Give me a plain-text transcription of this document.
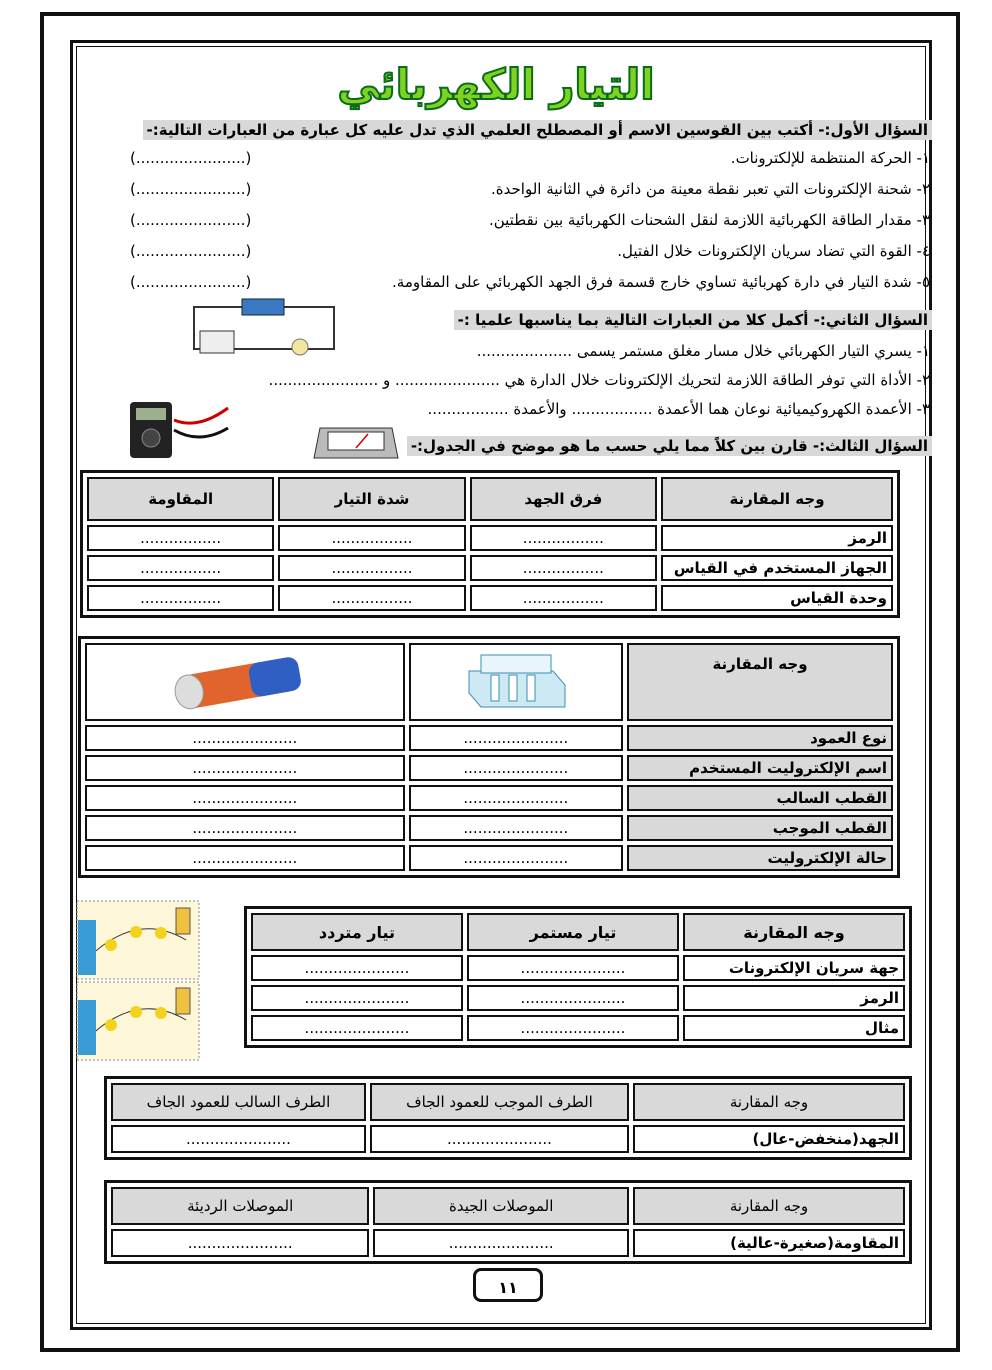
التيار الكهربائي
السؤال الأول:- أكتب بين القوسين الاسم أو المصطلح العلمي الذي تدل عليه كل عبارة من العبارات التالية:-
١- الحركة المنتظمة للإلكترونات.
٢- شحنة الإلكترونات التي تعبر نقطة معينة من دائرة في الثانية الواحدة.
٣- مقدار الطاقة الكهربائية اللازمة لنقل الشحنات الكهربائية بين نقطتين.
٤- القوة التي تضاد سريان الإلكترونات خلال الفتيل.
٥- شدة التيار في دارة كهربائية تساوي خارج قسمة فرق الجهد الكهربائي على المقاومة.
(.......................)
(.......................)
(.......................)
(.......................)
(.......................)
السؤال الثاني:- أكمل كلا من العبارات التالية بما يناسبها علميا :-
١- يسري التيار الكهربائي خلال مسار مغلق مستمر يسمى ....................
٢- الأداة التي توفر الطاقة اللازمة لتحريك الإلكترونات خلال الدارة هي ...................... و .......................
٣- الأعمدة الكهروكيميائية نوعان هما الأعمدة ................. والأعمدة .................
السؤال الثالث:- قارن بين كلاً مما يلي حسب ما هو موضح في الجدول:-
وجه المقارنة	فرق الجهد	شدة التيار	المقاومة
الرمز	.................	.................	.................
الجهاز المستخدم في القياس	.................	.................	.................
وحدة القياس	.................	.................	.................
وجه المقارنة		
نوع العمود	......................	......................
اسم الإلكتروليت المستخدم	......................	......................
القطب السالب	......................	......................
القطب الموجب	......................	......................
حالة الإلكتروليت	......................	......................
وجه المقارنة	تيار مستمر	تيار متردد
جهة سريان الإلكترونات	......................	......................
الرمز	......................	......................
مثال	......................	......................
وجه المقارنة	الطرف الموجب للعمود الجاف	الطرف السالب للعمود الجاف
الجهد(منخفض-عال)	......................	......................
وجه المقارنة	الموصلات الجيدة	الموصلات الرديئة
المقاومة(صغيرة-عالية)	......................	......................
١١
